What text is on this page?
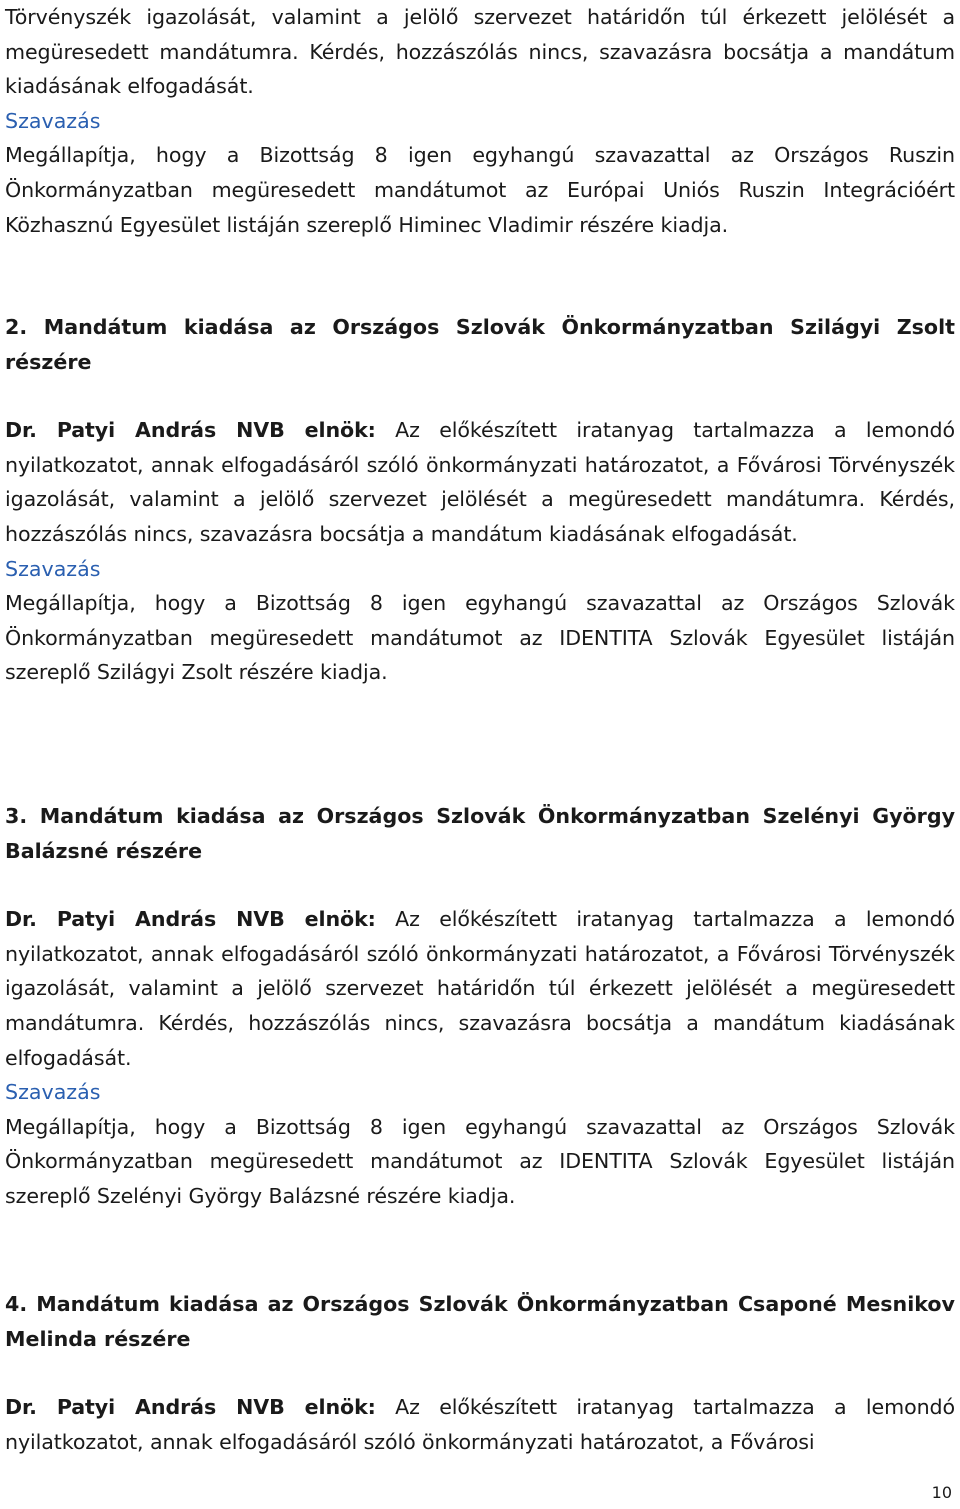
Törvényszék igazolását, valamint a jelölő szervezet határidőn túl érkezett jelölését a megüresedett mandátumra. Kérdés, hozzászólás nincs, szavazásra bocsátja a mandátum kiadásának elfogadását.

Szavazás

Megállapítja, hogy a Bizottság 8 igen egyhangú szavazattal az Országos Ruszin Önkormányzatban megüresedett mandátumot az Európai Uniós Ruszin Integrációért Közhasznú Egyesület listáján szereplő Himinec Vladimir részére kiadja.

2. Mandátum kiadása az Országos Szlovák Önkormányzatban Szilágyi Zsolt részére

Dr. Patyi András NVB elnök: Az előkészített iratanyag tartalmazza a lemondó nyilatkozatot, annak elfogadásáról szóló önkormányzati határozatot, a Fővárosi Törvényszék igazolását, valamint a jelölő szervezet jelölését a megüresedett mandátumra. Kérdés, hozzászólás nincs, szavazásra bocsátja a mandátum kiadásának elfogadását.

Szavazás

Megállapítja, hogy a Bizottság 8 igen egyhangú szavazattal az Országos Szlovák Önkormányzatban megüresedett mandátumot az IDENTITA Szlovák Egyesület listáján szereplő Szilágyi Zsolt részére kiadja.

3. Mandátum kiadása az Országos Szlovák Önkormányzatban Szelényi György Balázsné részére

Dr. Patyi András NVB elnök: Az előkészített iratanyag tartalmazza a lemondó nyilatkozatot, annak elfogadásáról szóló önkormányzati határozatot, a Fővárosi Törvényszék igazolását, valamint a jelölő szervezet határidőn túl érkezett jelölését a megüresedett mandátumra. Kérdés, hozzászólás nincs, szavazásra bocsátja a mandátum kiadásának elfogadását.

Szavazás

Megállapítja, hogy a Bizottság 8 igen egyhangú szavazattal az Országos Szlovák Önkormányzatban megüresedett mandátumot az IDENTITA Szlovák Egyesület listáján szereplő Szelényi György Balázsné részére kiadja.

4. Mandátum kiadása az Országos Szlovák Önkormányzatban Csaponé Mesnikov Melinda részére

Dr. Patyi András NVB elnök: Az előkészített iratanyag tartalmazza a lemondó nyilatkozatot, annak elfogadásáról szóló önkormányzati határozatot, a Fővárosi

10
